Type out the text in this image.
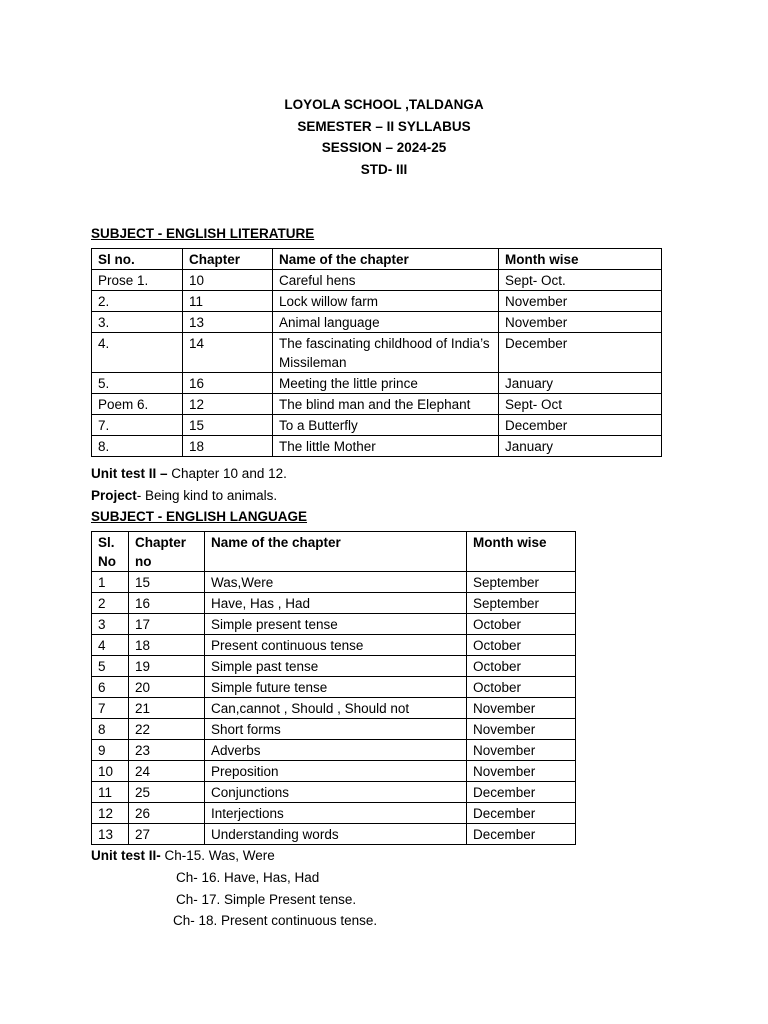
LOYOLA SCHOOL ,TALDANGA
SEMESTER – II SYLLABUS
SESSION – 2024-25
STD- III
SUBJECT - ENGLISH LITERATURE
Sl no.	Chapter	Name of the chapter	Month wise
Prose 1.	10	Careful hens	Sept- Oct.
2.	11	Lock willow farm	November
3.	13	Animal language	November
4.	14	The fascinating childhood of India’s Missileman	December
5.	16	Meeting the little prince	January
Poem 6.	12	The blind man and the Elephant	Sept- Oct
7.	15	To a Butterfly	December
8.	18	The little Mother	January
Unit test II – Chapter 10 and 12.
Project- Being kind to animals.
SUBJECT - ENGLISH LANGUAGE
Sl. No	Chapter no	Name of the chapter	Month wise
1	15	Was,Were	September
2	16	Have, Has , Had	September
3	17	Simple present tense	October
4	18	Present continuous tense	October
5	19	Simple past tense	October
6	20	Simple future tense	October
7	21	Can,cannot , Should , Should not	November
8	22	Short forms	November
9	23	Adverbs	November
10	24	Preposition	November
11	25	Conjunctions	December
12	26	Interjections	December
13	27	Understanding words	December
Unit test II- Ch-15. Was, Were
Ch- 16. Have, Has, Had
Ch- 17. Simple Present tense.
Ch- 18. Present continuous tense.
